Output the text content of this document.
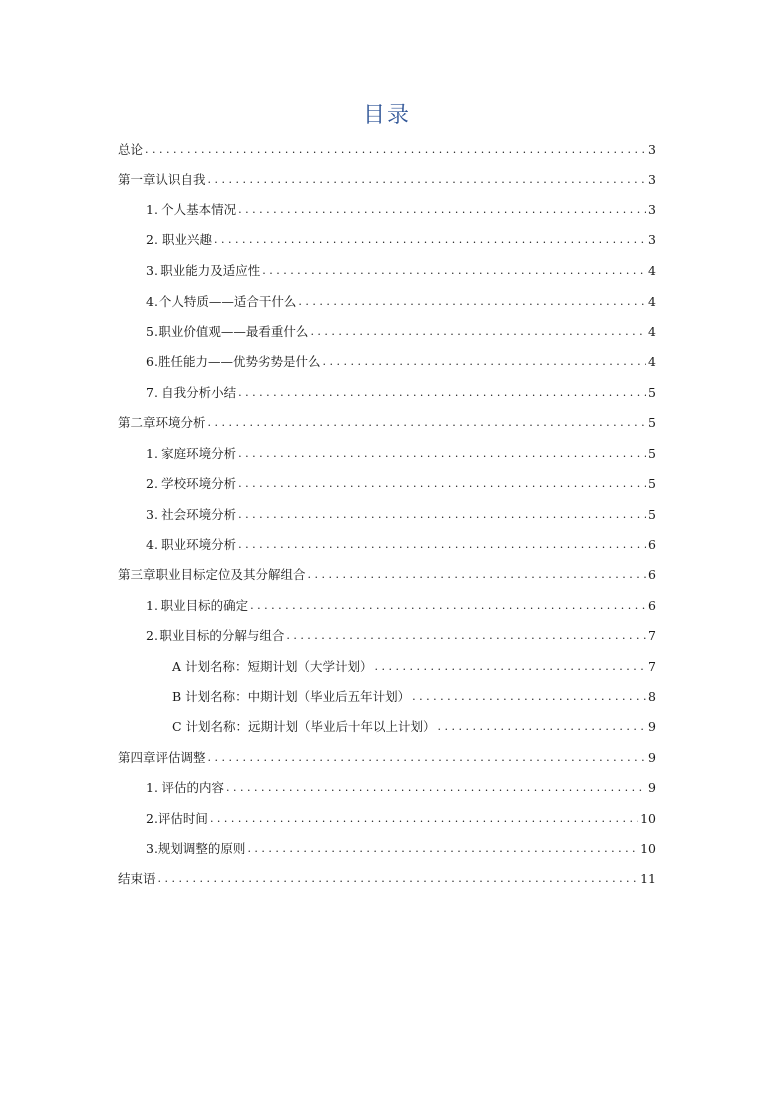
目录
总论 . . .	3
第一章认识自我 . . .	3
1. 个人基本情况 . . .	3
2. 职业兴趣 . . .	3
3. 职业能力及适应性 . . .	4
4. 个人特质——适合干什么 . . .	4
5. 职业价值观——最看重什么 . . .	4
6. 胜任能力——优势劣势是什么 . . .	4
7. 自我分析小结 . . .	5
第二章环境分析 . . .	5
1. 家庭环境分析 . . .	5
2. 学校环境分析 . . .	5
3. 社会环境分析 . . .	5
4. 职业环境分析 . . .	6
第三章职业目标定位及其分解组合 . . .	6
1. 职业目标的确定 . . .	6
2. 职业目标的分解与组合 . . .	7
A 计划名称：短期计划（大学计划） . . .	7
B 计划名称：中期计划（毕业后五年计划） . . .	8
C 计划名称：远期计划（毕业后十年以上计划） . . .	9
第四章评估调整 . . .	9
1. 评估的内容 . . .	9
2.评估时间 . . .	10
3.规划调整的原则 . . .	10
结束语 . . .	11
